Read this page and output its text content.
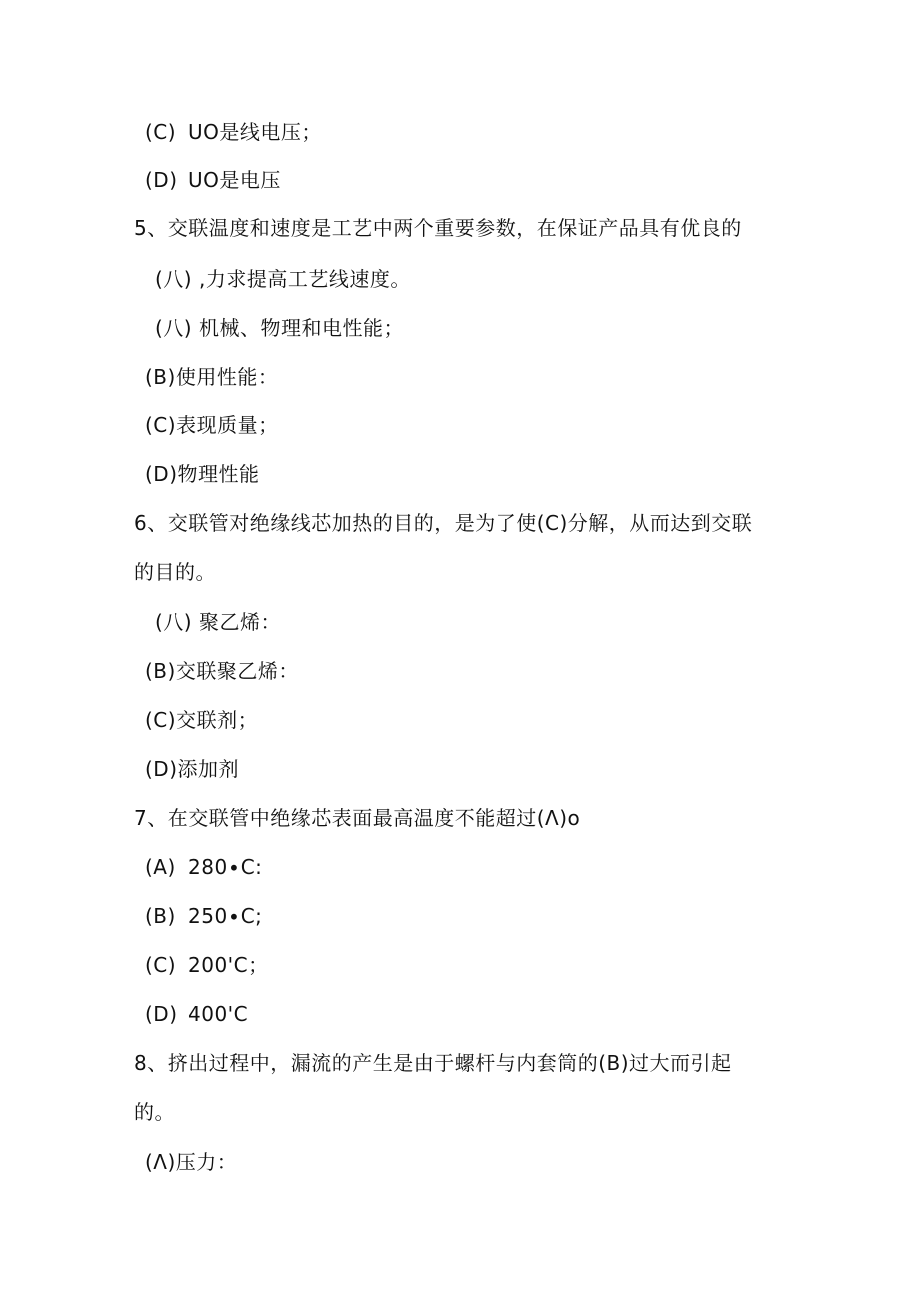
(C) UO是线电压；
(D) UO是电压
5、交联温度和速度是工艺中两个重要参数，在保证产品具有优良的
(八) ,力求提高工艺线速度。
(八) 机械、物理和电性能；
(B)使用性能：
(C)表现质量；
(D)物理性能
6、交联管对绝缘线芯加热的目的，是为了使(C)分解，从而达到交联
的目的。
(八) 聚乙烯：
(B)交联聚乙烯：
(C)交联剂；
(D)添加剂
7、在交联管中绝缘芯表面最高温度不能超过(Λ)o
(A) 280∙C:
(B) 250∙C;
(C) 200'C；
(D) 400'C
8、挤出过程中，漏流的产生是由于螺杆与内套筒的(B)过大而引起
的。
(Λ)压力：
